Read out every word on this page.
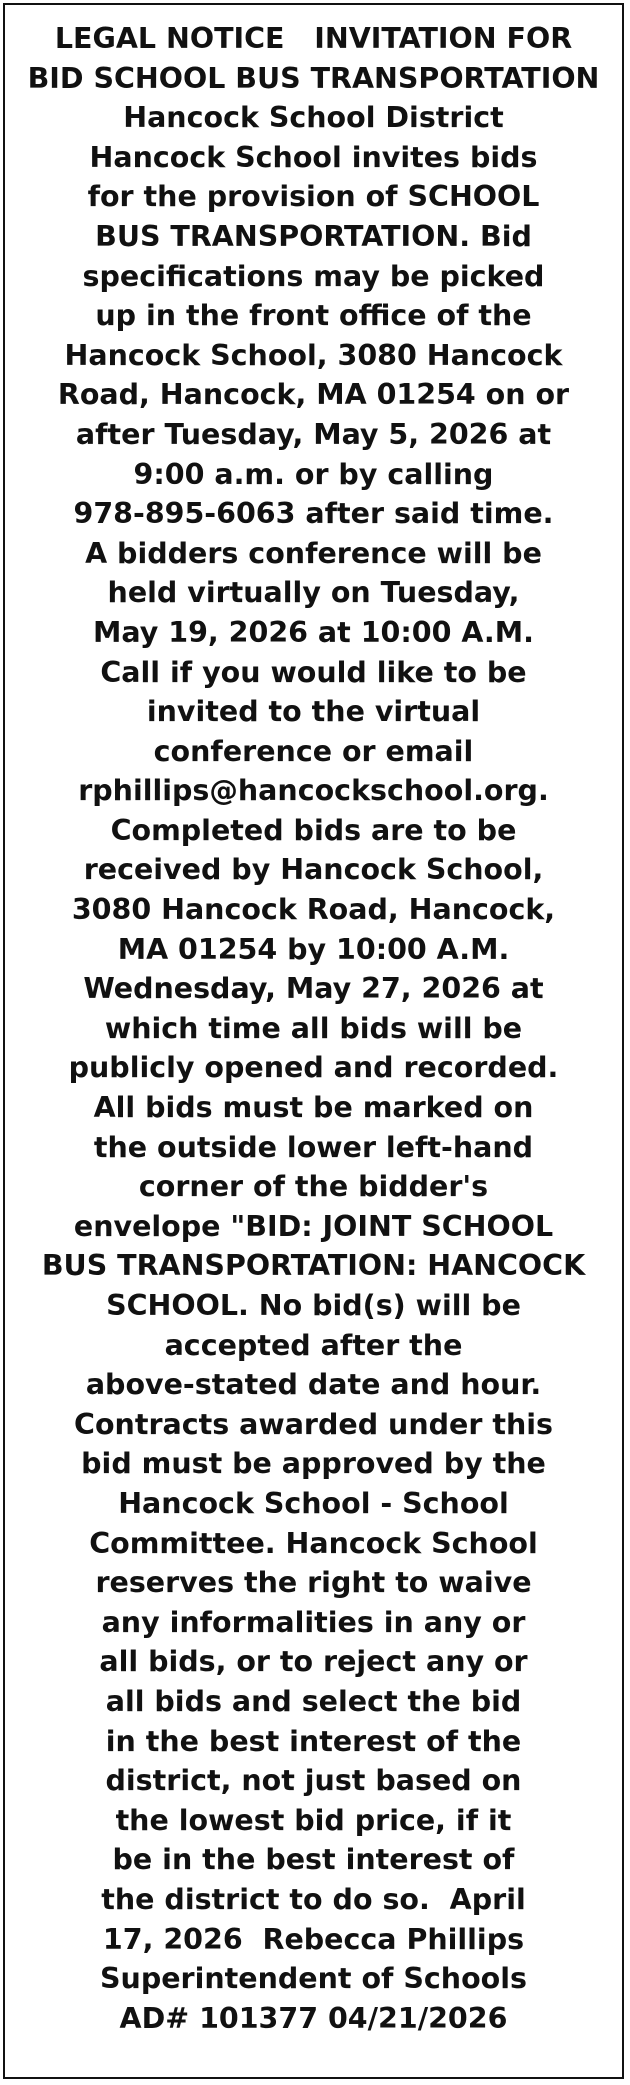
LEGAL NOTICE   INVITATION FOR
BID SCHOOL BUS TRANSPORTATION
Hancock School District
Hancock School invites bids
for the provision of SCHOOL
BUS TRANSPORTATION. Bid
specifications may be picked
up in the front office of the
Hancock School, 3080 Hancock
Road, Hancock, MA 01254 on or
after Tuesday, May 5, 2026 at
9:00 a.m. or by calling
978-895-6063 after said time.
A bidders conference will be
held virtually on Tuesday,
May 19, 2026 at 10:00 A.M.
Call if you would like to be
invited to the virtual
conference or email
rphillips@hancockschool.org.
Completed bids are to be
received by Hancock School,
3080 Hancock Road, Hancock,
MA 01254 by 10:00 A.M.
Wednesday, May 27, 2026 at
which time all bids will be
publicly opened and recorded.
All bids must be marked on
the outside lower left-hand
corner of the bidder's
envelope "BID: JOINT SCHOOL
BUS TRANSPORTATION: HANCOCK
SCHOOL. No bid(s) will be
accepted after the
above-stated date and hour.
Contracts awarded under this
bid must be approved by the
Hancock School - School
Committee. Hancock School
reserves the right to waive
any informalities in any or
all bids, or to reject any or
all bids and select the bid
in the best interest of the
district, not just based on
the lowest bid price, if it
be in the best interest of
the district to do so.  April
17, 2026  Rebecca Phillips
Superintendent of Schools
AD# 101377 04/21/2026
